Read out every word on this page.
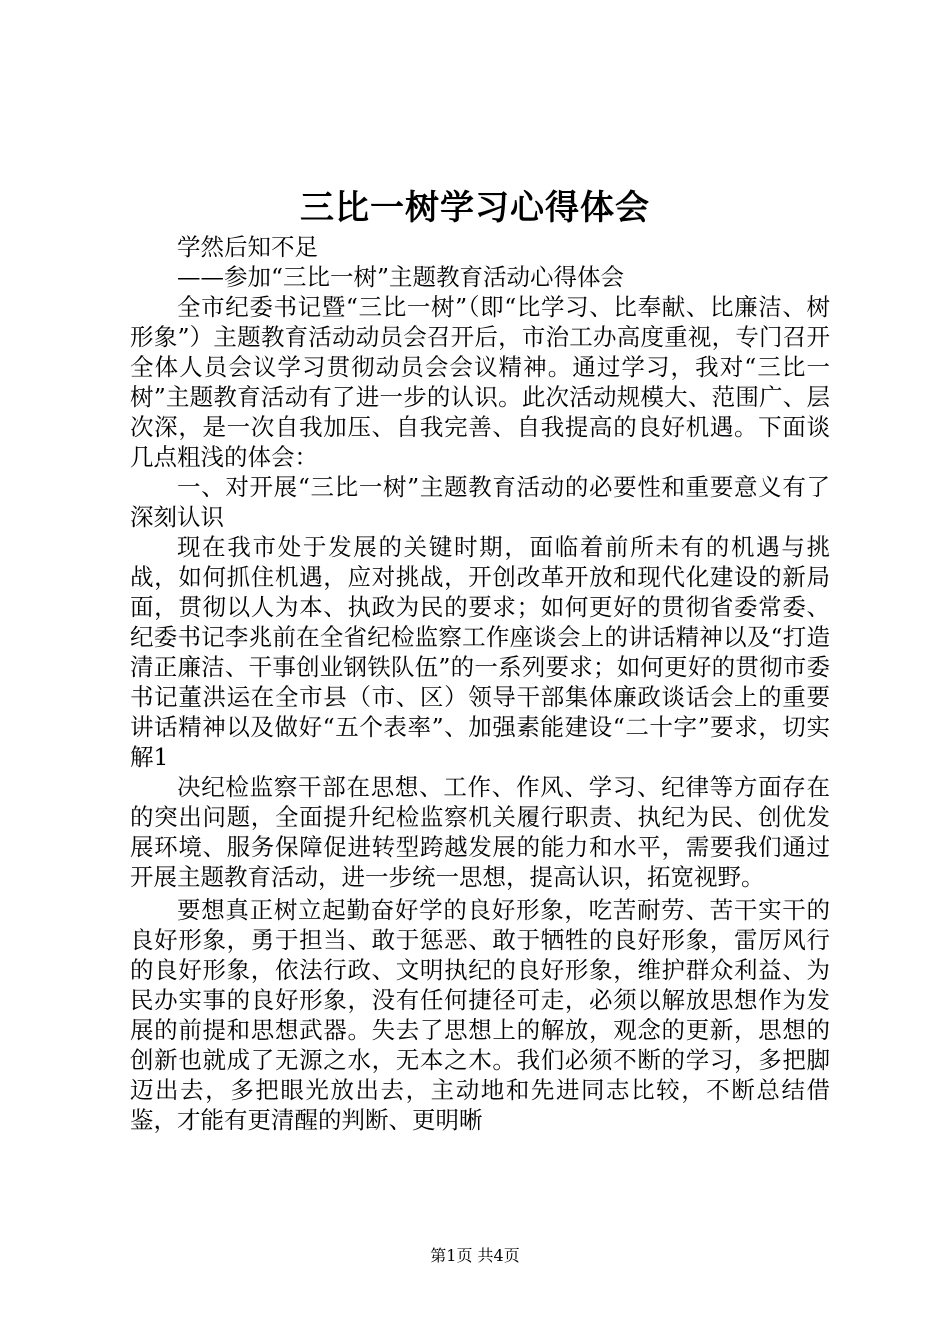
三比一树学习心得体会

学然后知不足

——参加“三比一树”主题教育活动心得体会

全市纪委书记暨“三比一树”（即“比学习、比奉献、比廉洁、树形象”）主题教育活动动员会召开后，市治工办高度重视，专门召开全体人员会议学习贯彻动员会会议精神。通过学习，我对“三比一树”主题教育活动有了进一步的认识。此次活动规模大、范围广、层次深，是一次自我加压、自我完善、自我提高的良好机遇。下面谈几点粗浅的体会：

一、对开展“三比一树”主题教育活动的必要性和重要意义有了深刻认识

现在我市处于发展的关键时期，面临着前所未有的机遇与挑战，如何抓住机遇，应对挑战，开创改革开放和现代化建设的新局面，贯彻以人为本、执政为民的要求；如何更好的贯彻省委常委、纪委书记李兆前在全省纪检监察工作座谈会上的讲话精神以及“打造清正廉洁、干事创业钢铁队伍”的一系列要求；如何更好的贯彻市委书记董洪运在全市县（市、区）领导干部集体廉政谈话会上的重要讲话精神以及做好“五个表率”、加强素能建设“二十字”要求，切实解1

决纪检监察干部在思想、工作、作风、学习、纪律等方面存在的突出问题，全面提升纪检监察机关履行职责、执纪为民、创优发展环境、服务保障促进转型跨越发展的能力和水平，需要我们通过开展主题教育活动，进一步统一思想，提高认识，拓宽视野。

要想真正树立起勤奋好学的良好形象，吃苦耐劳、苦干实干的良好形象，勇于担当、敢于惩恶、敢于牺牲的良好形象，雷厉风行的良好形象，依法行政、文明执纪的良好形象，维护群众利益、为民办实事的良好形象，没有任何捷径可走，必须以解放思想作为发展的前提和思想武器。失去了思想上的解放，观念的更新，思想的创新也就成了无源之水，无本之木。我们必须不断的学习，多把脚迈出去，多把眼光放出去，主动地和先进同志比较，不断总结借鉴，才能有更清醒的判断、更明晰

第1页 共4页
